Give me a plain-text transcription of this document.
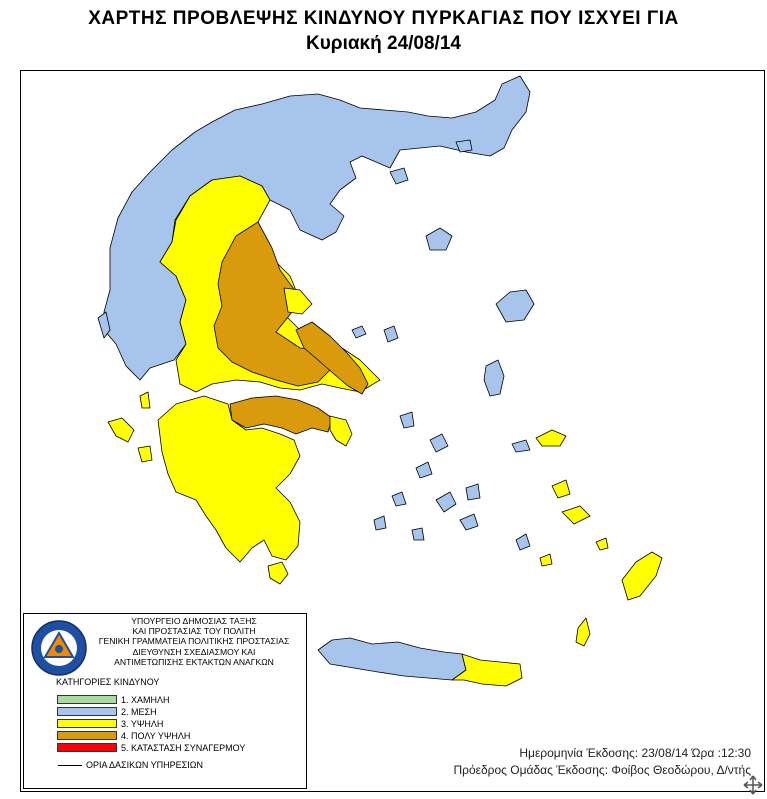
ΧΑΡΤΗΣ ΠΡΟΒΛΕΨΗΣ ΚΙΝΔΥΝΟΥ ΠΥΡΚΑΓΙΑΣ ΠΟΥ ΙΣΧΥΕΙ ΓΙΑ
Κυριακή 24/08/14
ΥΠΟΥΡΓΕΙΟ ΔΗΜΟΣΙΑΣ ΤΑΞΗΣ
ΚΑΙ ΠΡΟΣΤΑΣΙΑΣ ΤΟΥ ΠΟΛΙΤΗ
ΓΕΝΙΚΗ ΓΡΑΜΜΑΤΕΙΑ ΠΟΛΙΤΙΚΗΣ ΠΡΟΣΤΑΣΙΑΣ
ΔΙΕΥΘΥΝΣΗ ΣΧΕΔΙΑΣΜΟΥ ΚΑΙ
ΑΝΤΙΜΕΤΩΠΙΣΗΣ ΕΚΤΑΚΤΩΝ ΑΝΑΓΚΩΝ
ΚΑΤΗΓΟΡΙΕΣ ΚΙΝΔΥΝΟΥ
1. ΧΑΜΗΛΗ
2. ΜΕΣΗ
3. ΥΨΗΛΗ
4. ΠΟΛΥ ΥΨΗΛΗ
5. ΚΑΤΑΣΤΑΣΗ ΣΥΝΑΓΕΡΜΟΥ
ΟΡΙΑ ΔΑΣΙΚΩΝ ΥΠΗΡΕΣΙΩΝ
Ημερομηνία Έκδοσης: 23/08/14 Ώρα :12:30
Πρόεδρος Ομάδας Έκδοσης: Φοίβος Θεοδώρου, Δ/ντής
